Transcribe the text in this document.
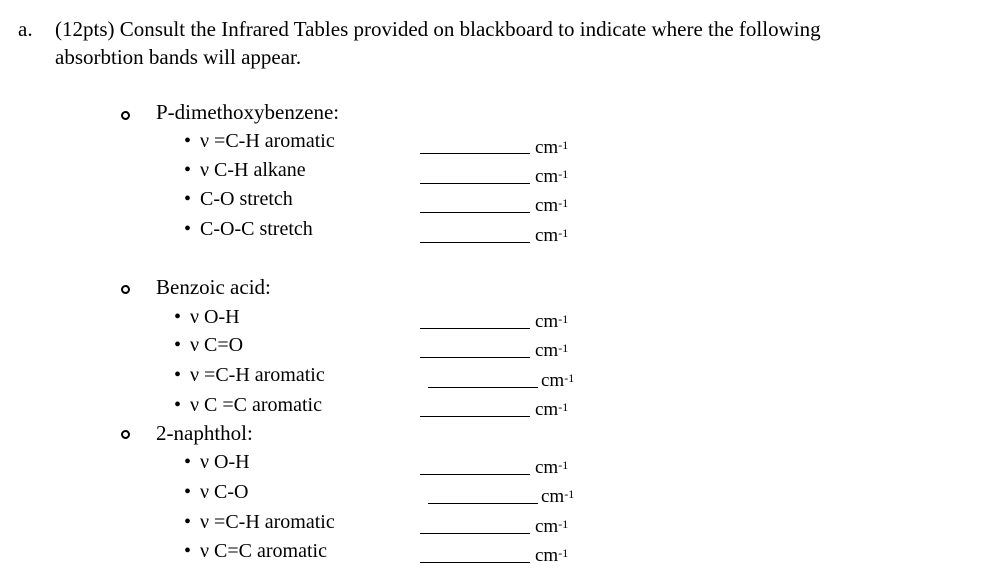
a. (12pts) Consult the Infrared Tables provided on blackboard to indicate where the following
absorbtion bands will appear.
P-dimethoxybenzene:
• ν =C-H aromatic	$cm^{-1}$
• ν C-H alkane	$cm^{-1}$
• C-O stretch	$cm^{-1}$
• C-O-C stretch	$cm^{-1}$
Benzoic acid:
• ν O-H	$cm^{-1}$
• ν C=O	$cm^{-1}$
• ν =C-H aromatic	$cm^{-1}$
• ν C =C aromatic	$cm^{-1}$
2-naphthol:
• ν O-H	$cm^{-1}$
• ν C-O	$cm^{-1}$
• ν =C-H aromatic	$cm^{-1}$
• ν C=C aromatic	$cm^{-1}$
